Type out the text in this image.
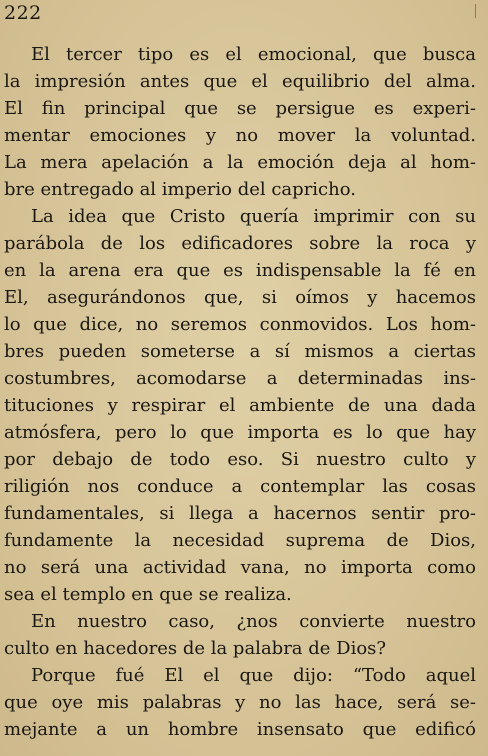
222
El tercer tipo es el emocional, que busca
la impresión antes que el equilibrio del alma.
El fin principal que se persigue es experi-
mentar emociones y no mover la voluntad.
La mera apelación a la emoción deja al hom-
bre entregado al imperio del capricho.
La idea que Cristo quería imprimir con su
parábola de los edificadores sobre la roca y
en la arena era que es indispensable la fé en
El, asegurándonos que, si oímos y hacemos
lo que dice, no seremos conmovidos. Los hom-
bres pueden someterse a sí mismos a ciertas
costumbres, acomodarse a determinadas ins-
tituciones y respirar el ambiente de una dada
atmósfera, pero lo que importa es lo que hay
por debajo de todo eso. Si nuestro culto y
riligión nos conduce a contemplar las cosas
fundamentales, si llega a hacernos sentir pro-
fundamente la necesidad suprema de Dios,
no será una actividad vana, no importa como
sea el templo en que se realiza.
En nuestro caso, ¿nos convierte nuestro
culto en hacedores de la palabra de Dios?
Porque fué El el que dijo: “Todo aquel
que oye mis palabras y no las hace, será se-
mejante a un hombre insensato que edificó
